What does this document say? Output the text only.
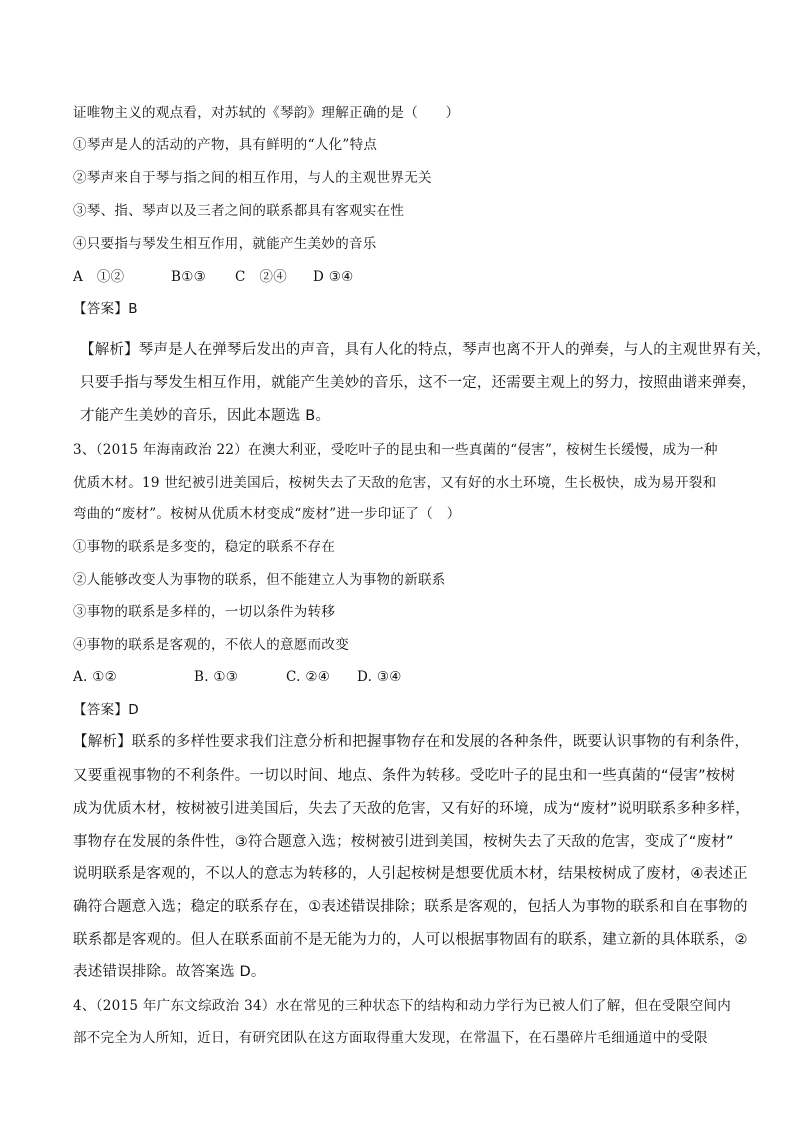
证唯物主义的观点看，对苏轼的《琴韵》理解正确的是（　　）
①琴声是人的活动的产物，具有鲜明的“人化”特点
②琴声来自于琴与指之间的相互作用，与人的主观世界无关
③琴、指、琴声以及三者之间的联系都具有客观实在性
④只要指与琴发生相互作用，就能产生美妙的音乐
A　①②	B①③ C　②④ D ③④
【答案】B
【解析】琴声是人在弹琴后发出的声音，具有人化的特点，琴声也离不开人的弹奏，与人的主观世界有关，
只要手指与琴发生相互作用，就能产生美妙的音乐，这不一定，还需要主观上的努力，按照曲谱来弹奏，
才能产生美妙的音乐，因此本题选 B。
3、（2015 年海南政治 22）在澳大利亚，受吃叶子的昆虫和一些真菌的“侵害”，桉树生长缓慢，成为一种
优质木材。19 世纪被引进美国后，桉树失去了天敌的危害，又有好的水土环境，生长极快，成为易开裂和
弯曲的“废材”。桉树从优质木材变成“废材”进一步印证了（　）
①事物的联系是多变的，稳定的联系不存在
②人能够改变人为事物的联系，但不能建立人为事物的新联系
③事物的联系是多样的，一切以条件为转移
④事物的联系是客观的，不依人的意愿而改变
A. ①②	B. ①③	C. ②④ D. ③④
【答案】D
【解析】联系的多样性要求我们注意分析和把握事物存在和发展的各种条件，既要认识事物的有利条件，
又要重视事物的不利条件。一切以时间、地点、条件为转移。受吃叶子的昆虫和一些真菌的“侵害”桉树
成为优质木材，桉树被引进美国后，失去了天敌的危害，又有好的环境，成为“废材”说明联系多种多样，
事物存在发展的条件性，③符合题意入选；桉树被引进到美国，桉树失去了天敌的危害，变成了“废材”
说明联系是客观的，不以人的意志为转移的，人引起桉树是想要优质木材，结果桉树成了废材，④表述正
确符合题意入选；稳定的联系存在，①表述错误排除；联系是客观的，包括人为事物的联系和自在事物的
联系都是客观的。但人在联系面前不是无能为力的，人可以根据事物固有的联系，建立新的具体联系，②
表述错误排除。故答案选 D。
4、（2015 年广东文综政治 34）水在常见的三种状态下的结构和动力学行为已被人们了解，但在受限空间内
部不完全为人所知，近日，有研究团队在这方面取得重大发现，在常温下，在石墨碎片毛细通道中的受限
